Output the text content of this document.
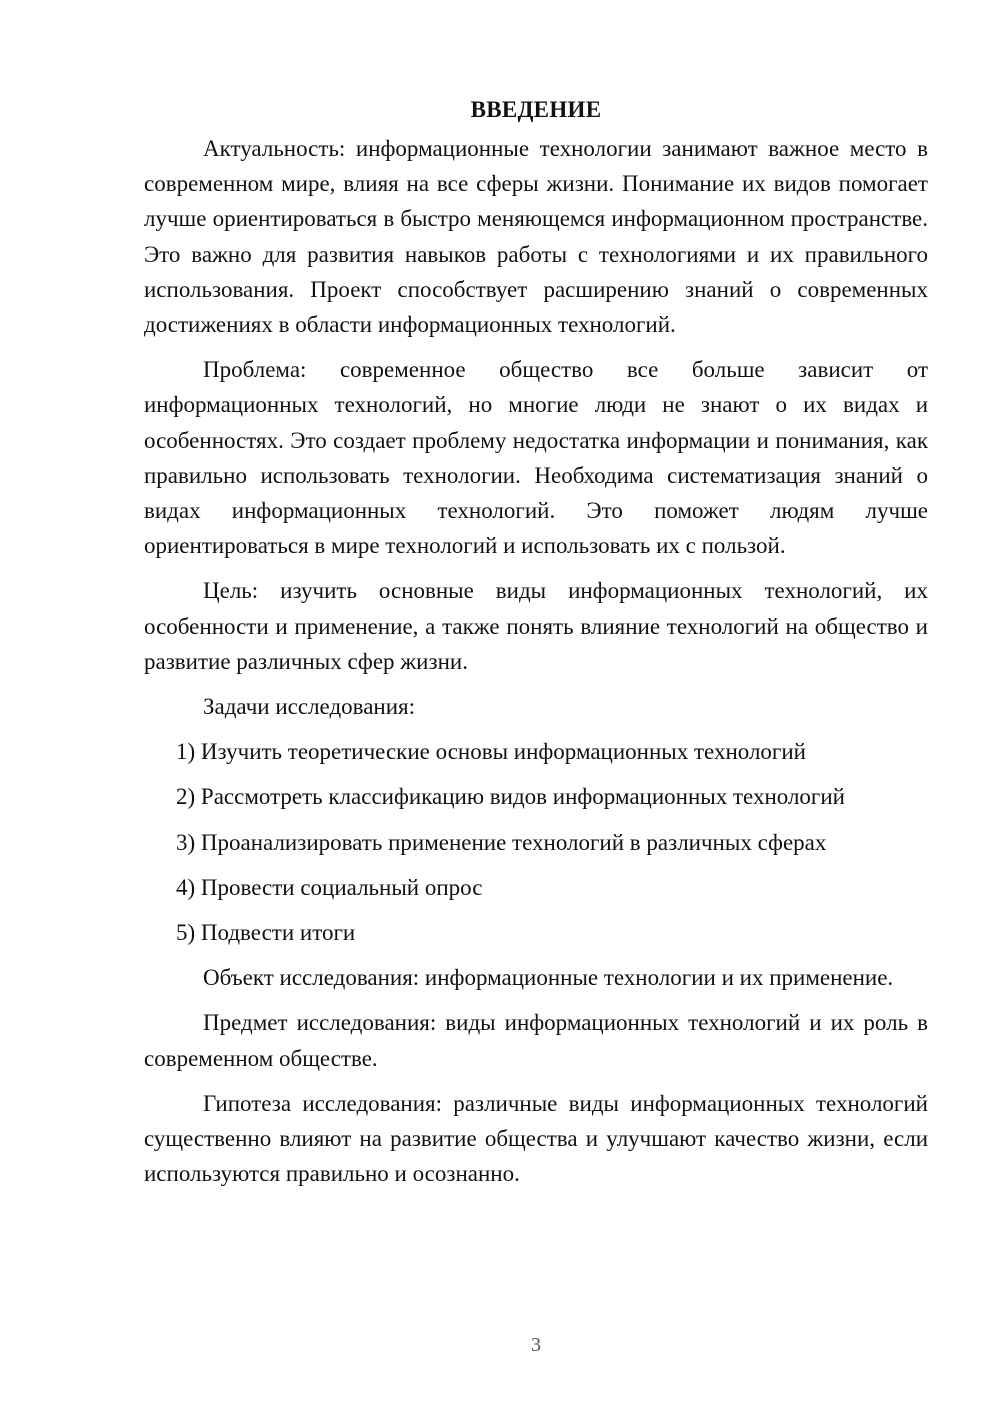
ВВЕДЕНИЕ

Актуальность: информационные технологии занимают важное место в современном мире, влияя на все сферы жизни. Понимание их видов помогает лучше ориентироваться в быстро меняющемся информационном пространстве. Это важно для развития навыков работы с технологиями и их правильного использования. Проект способствует расширению знаний о современных достижениях в области информационных технологий.

Проблема: современное общество все больше зависит от информационных технологий, но многие люди не знают о их видах и особенностях. Это создает проблему недостатка информации и понимания, как правильно использовать технологии. Необходима систематизация знаний о видах информационных технологий. Это поможет людям лучше ориентироваться в мире технологий и использовать их с пользой.

Цель: изучить основные виды информационных технологий, их особенности и применение, а также понять влияние технологий на общество и развитие различных сфер жизни.

Задачи исследования:

1) Изучить теоретические основы информационных технологий

2) Рассмотреть классификацию видов информационных технологий

3) Проанализировать применение технологий в различных сферах

4) Провести социальный опрос

5) Подвести итоги

Объект исследования: информационные технологии и их применение.

Предмет исследования: виды информационных технологий и их роль в современном обществе.

Гипотеза исследования: различные виды информационных технологий существенно влияют на развитие общества и улучшают качество жизни, если используются правильно и осознанно.

3
